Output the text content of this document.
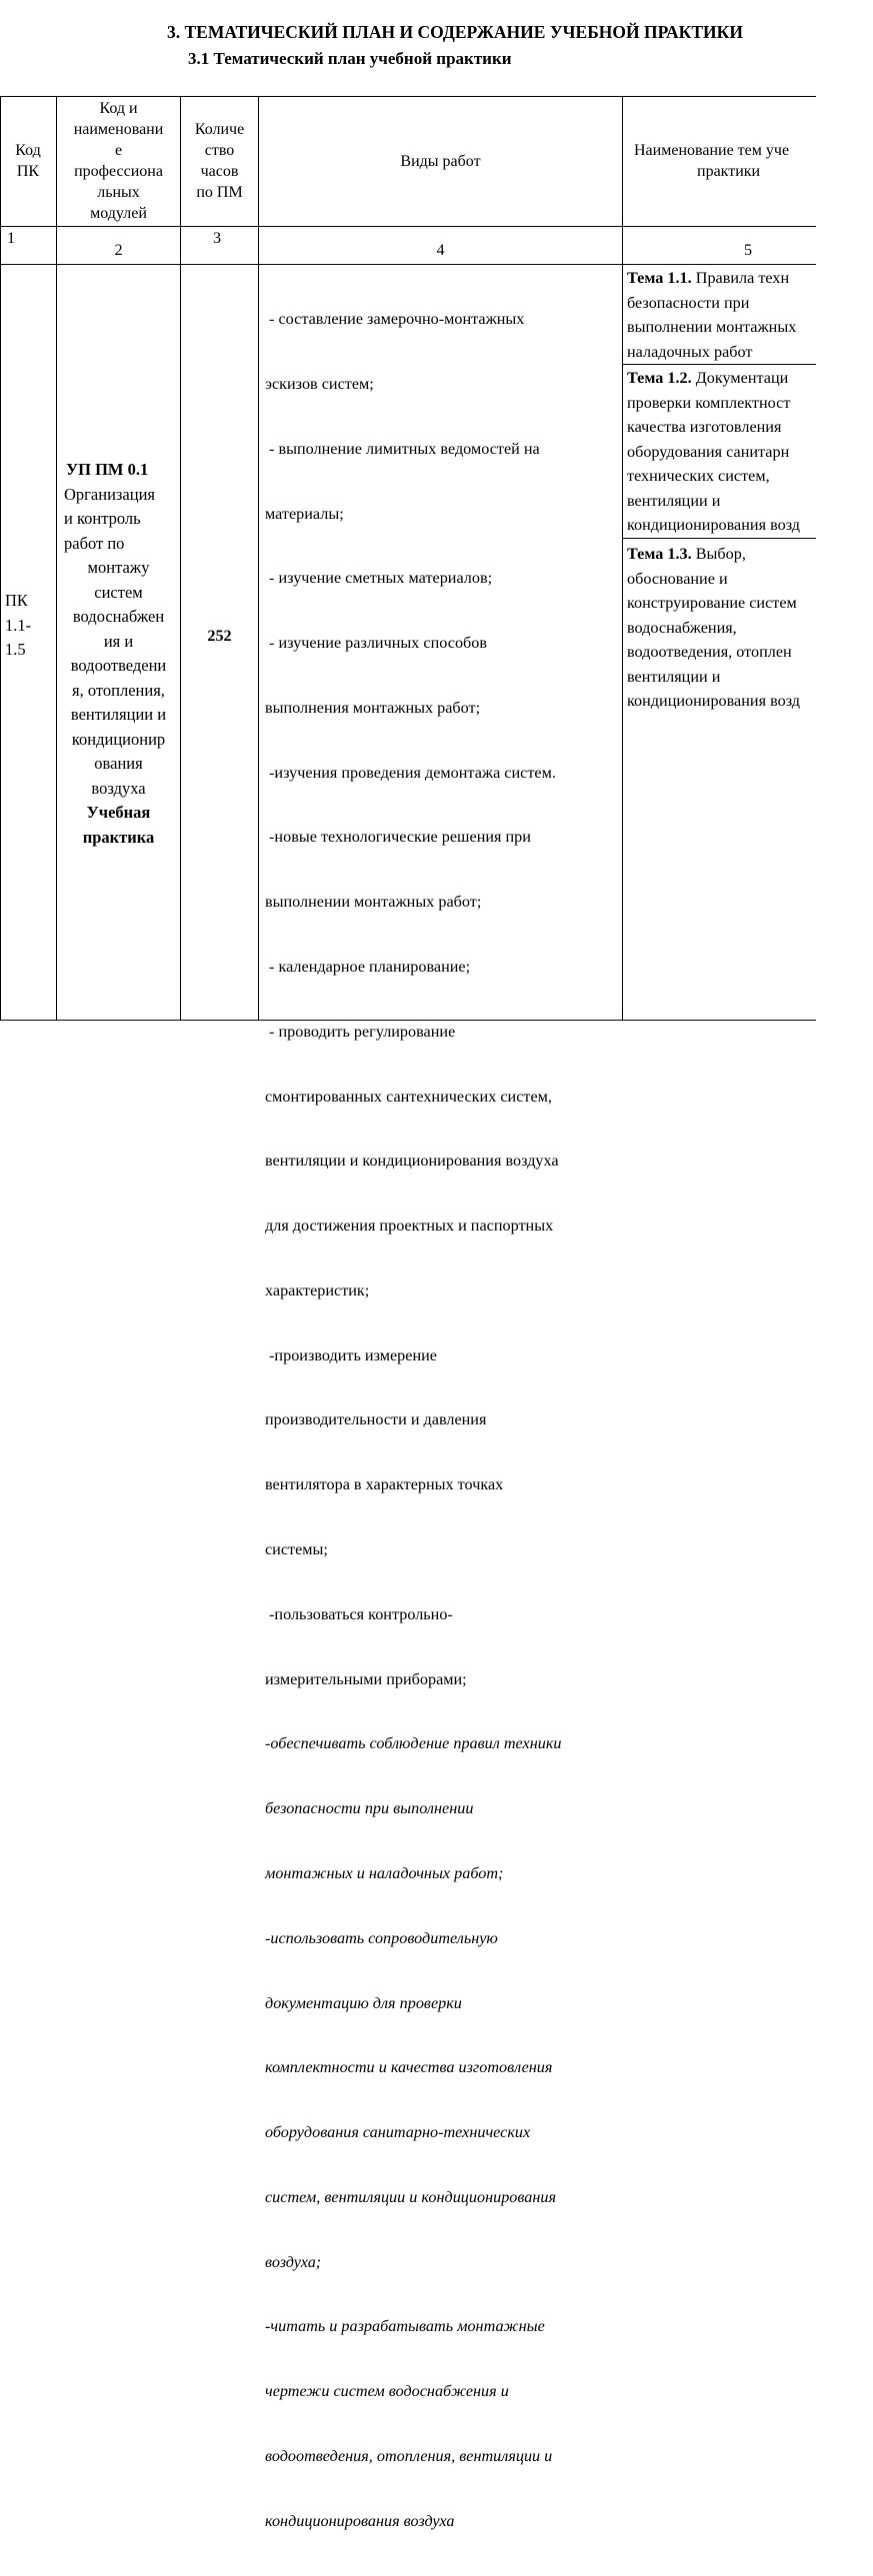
3. ТЕМАТИЧЕСКИЙ ПЛАН И СОДЕРЖАНИЕ УЧЕБНОЙ ПРАКТИКИ
3.1 Тематический план учебной практики
Код
ПК
Код и
наименовани
е
профессиона
льных
модулей
Количе
ство
часов
по ПМ
Виды работ
Наименование тем уче
практики
1
2
3
4	5
ПК
1.1-
1.5
УП ПМ 0.1
Организация
и контроль
работ по
монтажу
систем
водоснабжен
ия и
водоотведени
я, отопления,
вентиляции и
кондиционир
ования
воздуха
Учебная
практика
252

- составление замерочно-монтажных

эскизов систем;

- выполнение лимитных ведомостей на

материалы;

- изучение сметных материалов;

- изучение различных способов

выполнения монтажных работ;

-изучения проведения демонтажа систем.

-новые технологические решения при

выполнении монтажных работ;

- календарное планирование;

- проводить регулирование

смонтированных сантехнических систем,

вентиляции и кондиционирования воздуха

для достижения проектных и паспортных

характеристик;

-производить измерение

производительности и давления

вентилятора в характерных точках

системы;

-пользоваться контрольно-

измерительными приборами;

-обеспечивать соблюдение правил техники

безопасности при выполнении

монтажных и наладочных работ;

-использовать сопроводительную

документацию для проверки

комплектности и качества изготовления

оборудования санитарно-технических

систем, вентиляции и кондиционирования

воздуха;

-читать и разрабатывать монтажные

чертежи систем водоснабжения и

водоотведения, отопления, вентиляции и

кондиционирования воздуха

Тема 1.1. Правила техн
безопасности при
выполнении монтажных
наладочных работ
Тема 1.2. Документаци
проверки комплектност
качества изготовления
оборудования санитарн
технических систем,
вентиляции и
кондиционирования возд
Тема 1.3. Выбор,
обоснование и
конструирование систем
водоснабжения,
водоотведения, отоплен
вентиляции и
кондиционирования возд
